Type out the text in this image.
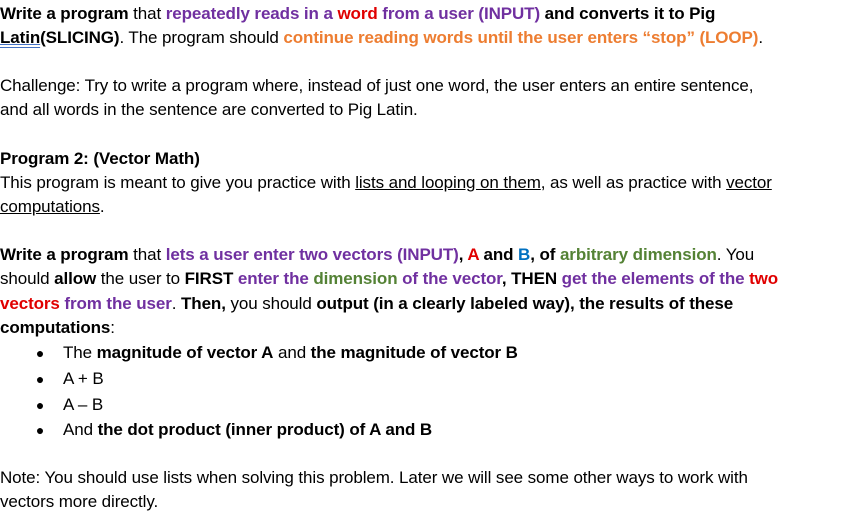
Write a program that repeatedly reads in a word from a user (INPUT) and converts it to Pig
Latin(SLICING). The program should continue reading words until the user enters “stop” (LOOP).
Challenge: Try to write a program where, instead of just one word, the user enters an entire sentence,
and all words in the sentence are converted to Pig Latin.
Program 2: (Vector Math)
This program is meant to give you practice with lists and looping on them, as well as practice with vector
computations.
Write a program that lets a user enter two vectors (INPUT), A and B, of arbitrary dimension. You
should allow the user to FIRST enter the dimension of the vector, THEN get the elements of the two
vectors from the user. Then, you should output (in a clearly labeled way), the results of these
computations:
●	The magnitude of vector A and the magnitude of vector B
●	A + B
●	A – B
●	And the dot product (inner product) of A and B
Note: You should use lists when solving this problem. Later we will see some other ways to work with
vectors more directly.
